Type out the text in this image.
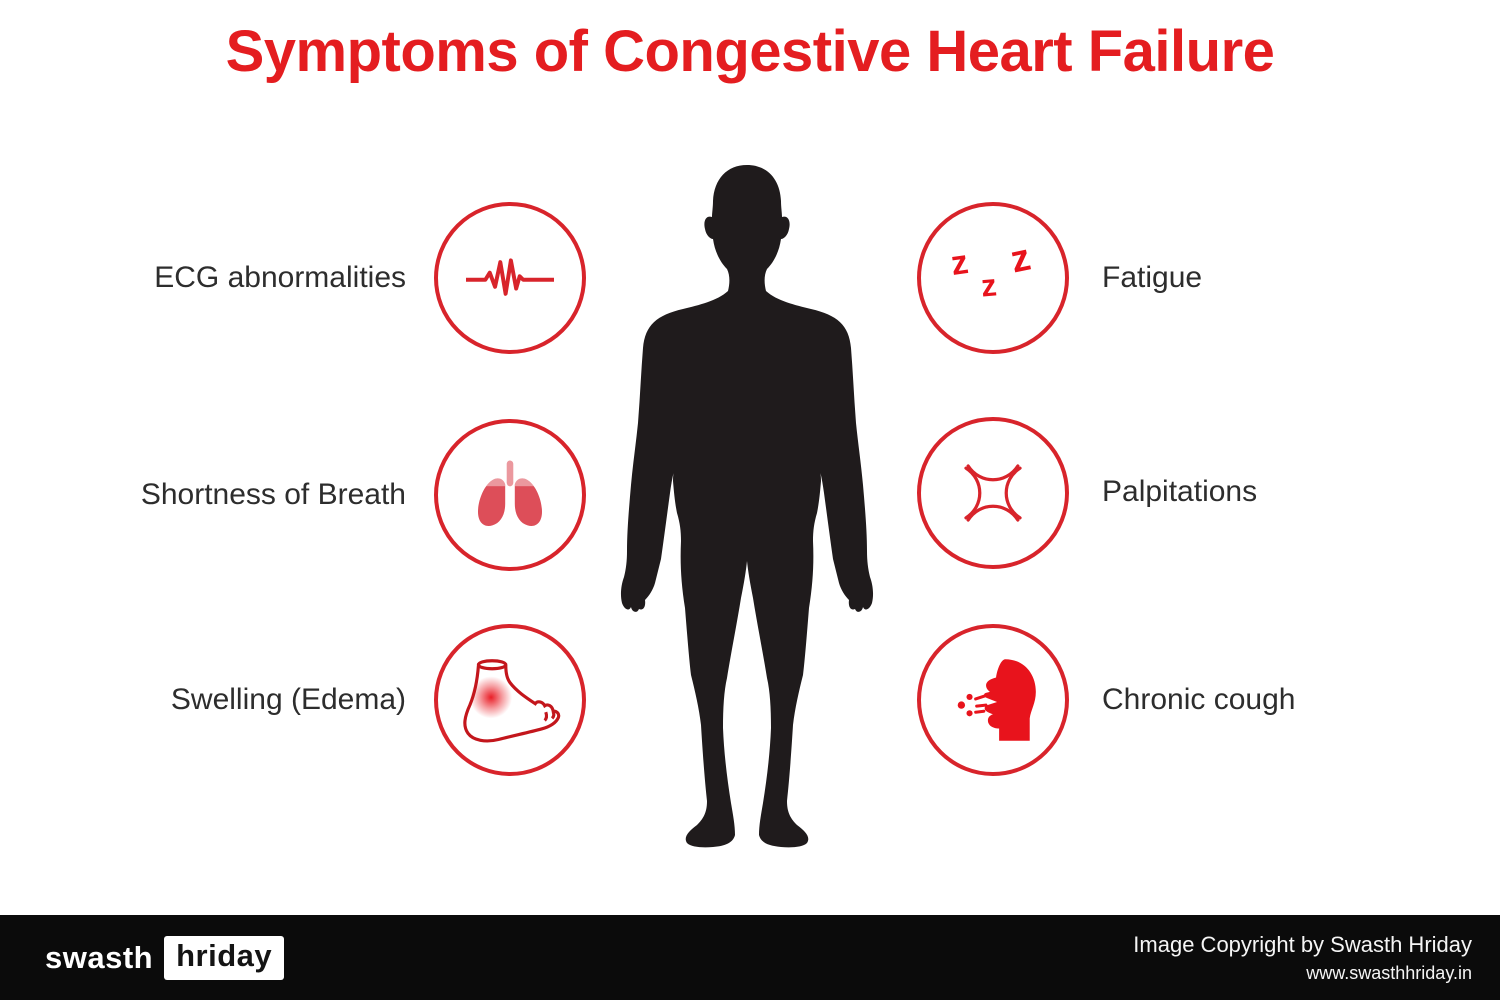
Symptoms of Congestive Heart Failure
ECG abnormalities
Shortness of Breath
Swelling (Edema)
z
z
z Fatigue
Palpitations
Chronic cough
swasth hriday	Image Copyright by Swasth Hriday
www.swasthhriday.in
